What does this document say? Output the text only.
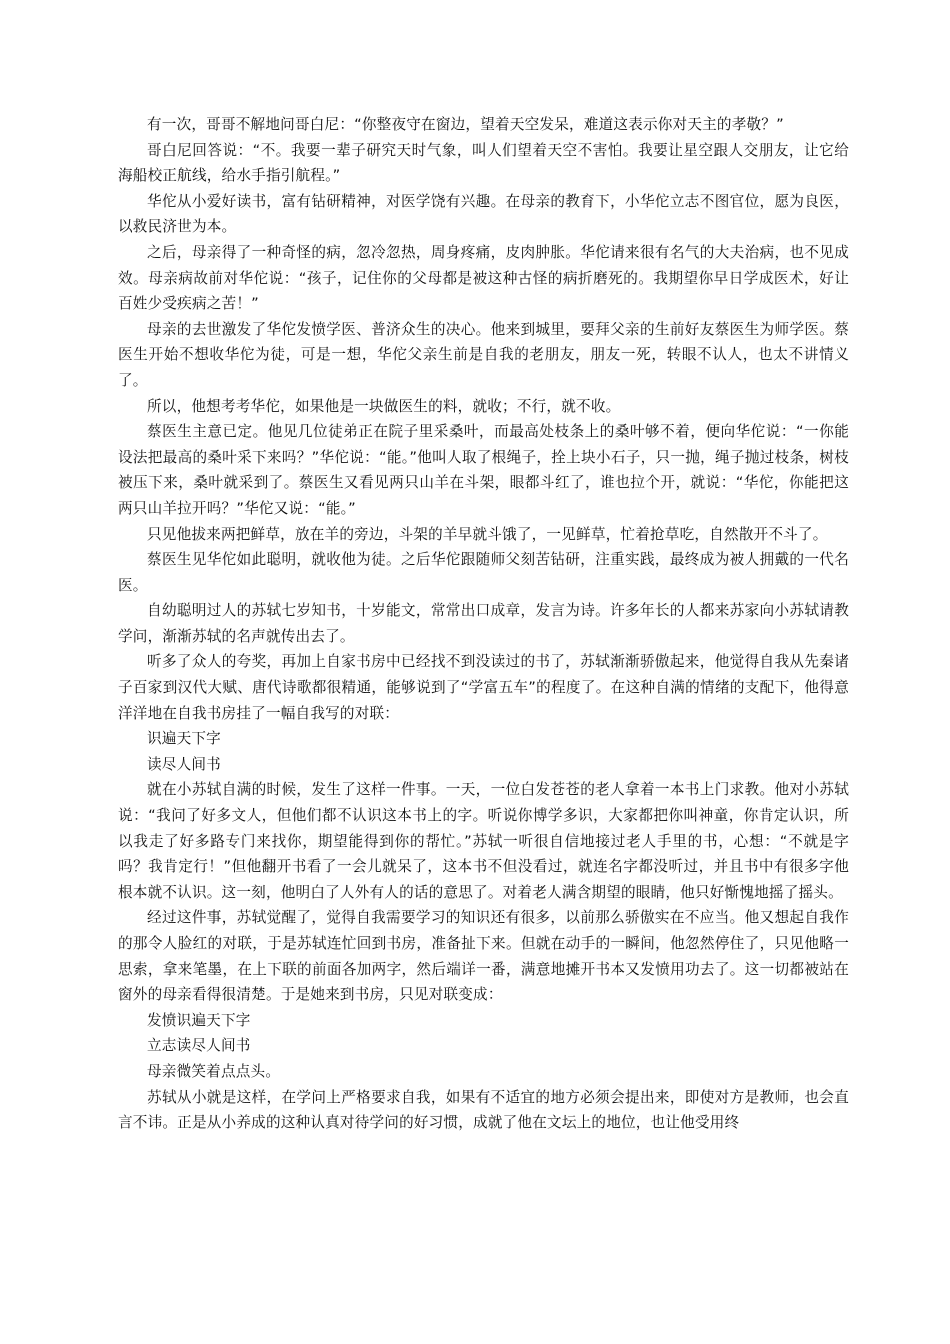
有一次，哥哥不解地问哥白尼：“你整夜守在窗边，望着天空发呆，难道这表示你对天主的孝敬？”

哥白尼回答说：“不。我要一辈子研究天时气象，叫人们望着天空不害怕。我要让星空跟人交朋友，让它给海船校正航线，给水手指引航程。”

华佗从小爱好读书，富有钻研精神，对医学饶有兴趣。在母亲的教育下，小华佗立志不图官位，愿为良医，以救民济世为本。

之后，母亲得了一种奇怪的病，忽冷忽热，周身疼痛，皮肉肿胀。华佗请来很有名气的大夫治病，也不见成效。母亲病故前对华佗说：“孩子，记住你的父母都是被这种古怪的病折磨死的。我期望你早日学成医术，好让百姓少受疾病之苦！”

母亲的去世激发了华佗发愤学医、普济众生的决心。他来到城里，要拜父亲的生前好友蔡医生为师学医。蔡医生开始不想收华佗为徒，可是一想，华佗父亲生前是自我的老朋友，朋友一死，转眼不认人，也太不讲情义了。

所以，他想考考华佗，如果他是一块做医生的料，就收；不行，就不收。

蔡医生主意已定。他见几位徒弟正在院子里采桑叶，而最高处枝条上的桑叶够不着，便向华佗说：“一你能设法把最高的桑叶采下来吗？”华佗说：“能。”他叫人取了根绳子，拴上块小石子，只一抛，绳子抛过枝条，树枝被压下来，桑叶就采到了。蔡医生又看见两只山羊在斗架，眼都斗红了，谁也拉个开，就说：“华佗，你能把这两只山羊拉开吗？”华佗又说：“能。”

只见他拔来两把鲜草，放在羊的旁边，斗架的羊早就斗饿了，一见鲜草，忙着抢草吃，自然散开不斗了。

蔡医生见华佗如此聪明，就收他为徒。之后华佗跟随师父刻苦钻研，注重实践，最终成为被人拥戴的一代名医。

自幼聪明过人的苏轼七岁知书，十岁能文，常常出口成章，发言为诗。许多年长的人都来苏家向小苏轼请教学问，渐渐苏轼的名声就传出去了。

听多了众人的夸奖，再加上自家书房中已经找不到没读过的书了，苏轼渐渐骄傲起来，他觉得自我从先秦诸子百家到汉代大赋、唐代诗歌都很精通，能够说到了“学富五车”的程度了。在这种自满的情绪的支配下，他得意洋洋地在自我书房挂了一幅自我写的对联：

识遍天下字

读尽人间书

就在小苏轼自满的时候，发生了这样一件事。一天，一位白发苍苍的老人拿着一本书上门求教。他对小苏轼说：“我问了好多文人，但他们都不认识这本书上的字。听说你博学多识，大家都把你叫神童，你肯定认识，所以我走了好多路专门来找你，期望能得到你的帮忙。”苏轼一听很自信地接过老人手里的书，心想：“不就是字吗？我肯定行！”但他翻开书看了一会儿就呆了，这本书不但没看过，就连名字都没听过，并且书中有很多字他根本就不认识。这一刻，他明白了人外有人的话的意思了。对着老人满含期望的眼睛，他只好惭愧地摇了摇头。

经过这件事，苏轼觉醒了，觉得自我需要学习的知识还有很多，以前那么骄傲实在不应当。他又想起自我作的那令人脸红的对联，于是苏轼连忙回到书房，准备扯下来。但就在动手的一瞬间，他忽然停住了，只见他略一思索，拿来笔墨，在上下联的前面各加两字，然后端详一番，满意地摊开书本又发愤用功去了。这一切都被站在窗外的母亲看得很清楚。于是她来到书房，只见对联变成：

发愤识遍天下字

立志读尽人间书

母亲微笑着点点头。

苏轼从小就是这样，在学问上严格要求自我，如果有不适宜的地方必须会提出来，即使对方是教师，也会直言不讳。正是从小养成的这种认真对待学问的好习惯，成就了他在文坛上的地位，也让他受用终
